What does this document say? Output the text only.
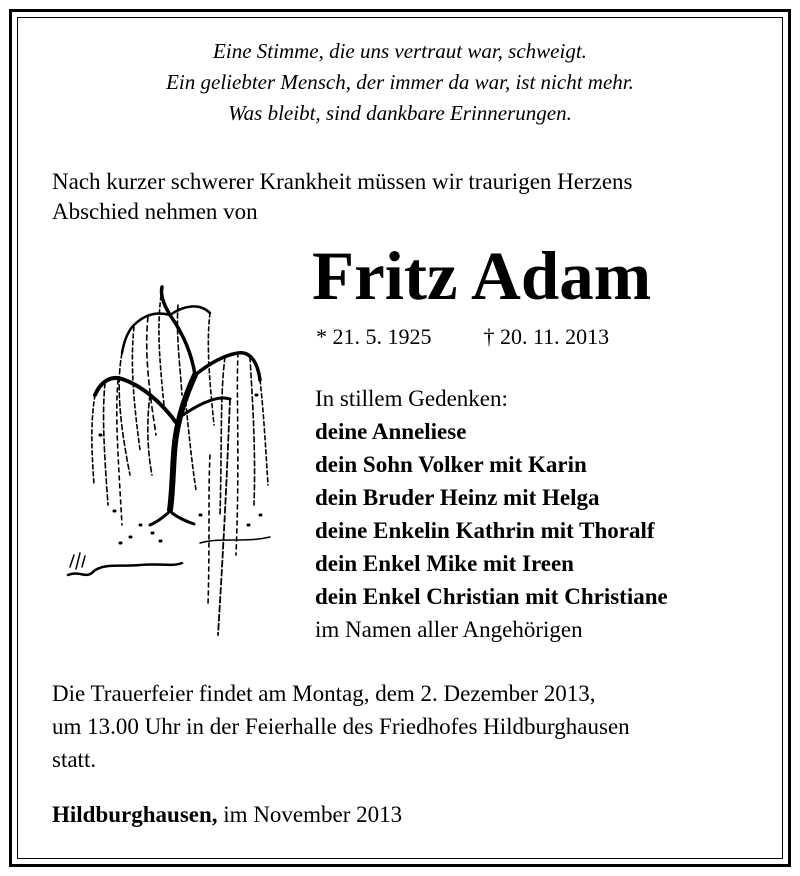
Eine Stimme, die uns vertraut war, schweigt.
Ein geliebter Mensch, der immer da war, ist nicht mehr.
Was bleibt, sind dankbare Erinnerungen.
Nach kurzer schwerer Krankheit müssen wir traurigen Herzens
Abschied nehmen von
Fritz Adam
* 21. 5. 1925 † 20. 11. 2013
In stillem Gedenken:
deine Anneliese
dein Sohn Volker mit Karin
dein Bruder Heinz mit Helga
deine Enkelin Kathrin mit Thoralf
dein Enkel Mike mit Ireen
dein Enkel Christian mit Christiane
im Namen aller Angehörigen
Die Trauerfeier findet am Montag, dem 2. Dezember 2013,
um 13.00 Uhr in der Feierhalle des Friedhofes Hildburghausen
statt.
Hildburghausen, im November 2013
